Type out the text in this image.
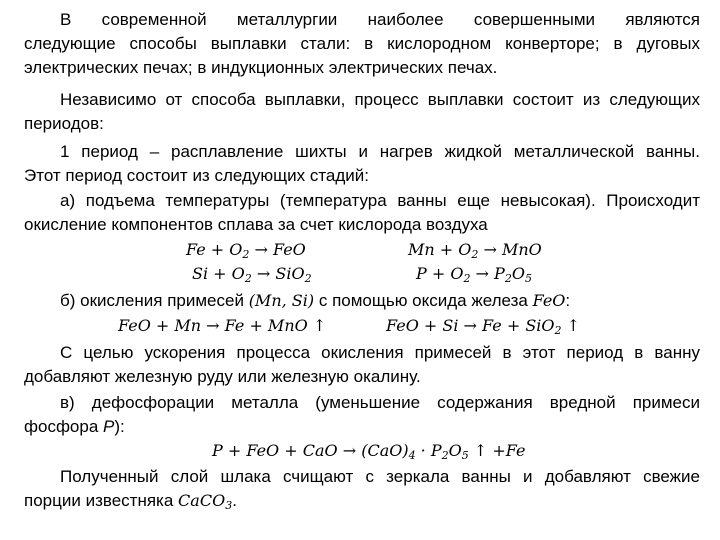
В современной металлургии наиболее совершенными являются
следующие способы выплавки стали: в кислородном конверторе; в дуговых
электрических печах; в индукционных электрических печах.
Независимо от способа выплавки, процесс выплавки состоит из следующих
периодов:
1 период – расплавление шихты и нагрев жидкой металлической ванны.
Этот период состоит из следующих стадий:
а) подъема температуры (температура ванны еще невысокая). Происходит
окисление компонентов сплава за счет кислорода воздуха
$Fe + O_2$ → FeO	$Mn + O_2$ → MnO
$Si + O_2 \to SiO_2$	$P + O_2 \to P_2O_5$
б) окисления примесей (Mn, Si) с помощью оксида железа FeO:
FeO + Mn → Fe + MnO ↑	FeO + Si → Fe + SiO$_2$ ↑
С целью ускорения процесса окисления примесей в этот период в ванну
добавляют железную руду или железную окалину.
в) дефосфорации металла (уменьшение содержания вредной примеси
фосфора P):
P + FeO + CaO → $(CaO)_4 \cdot P_2O_5$ ↑ +Fe
Полученный слой шлака счищают с зеркала ванны и добавляют свежие
порции известняка CaCO$_3$.
